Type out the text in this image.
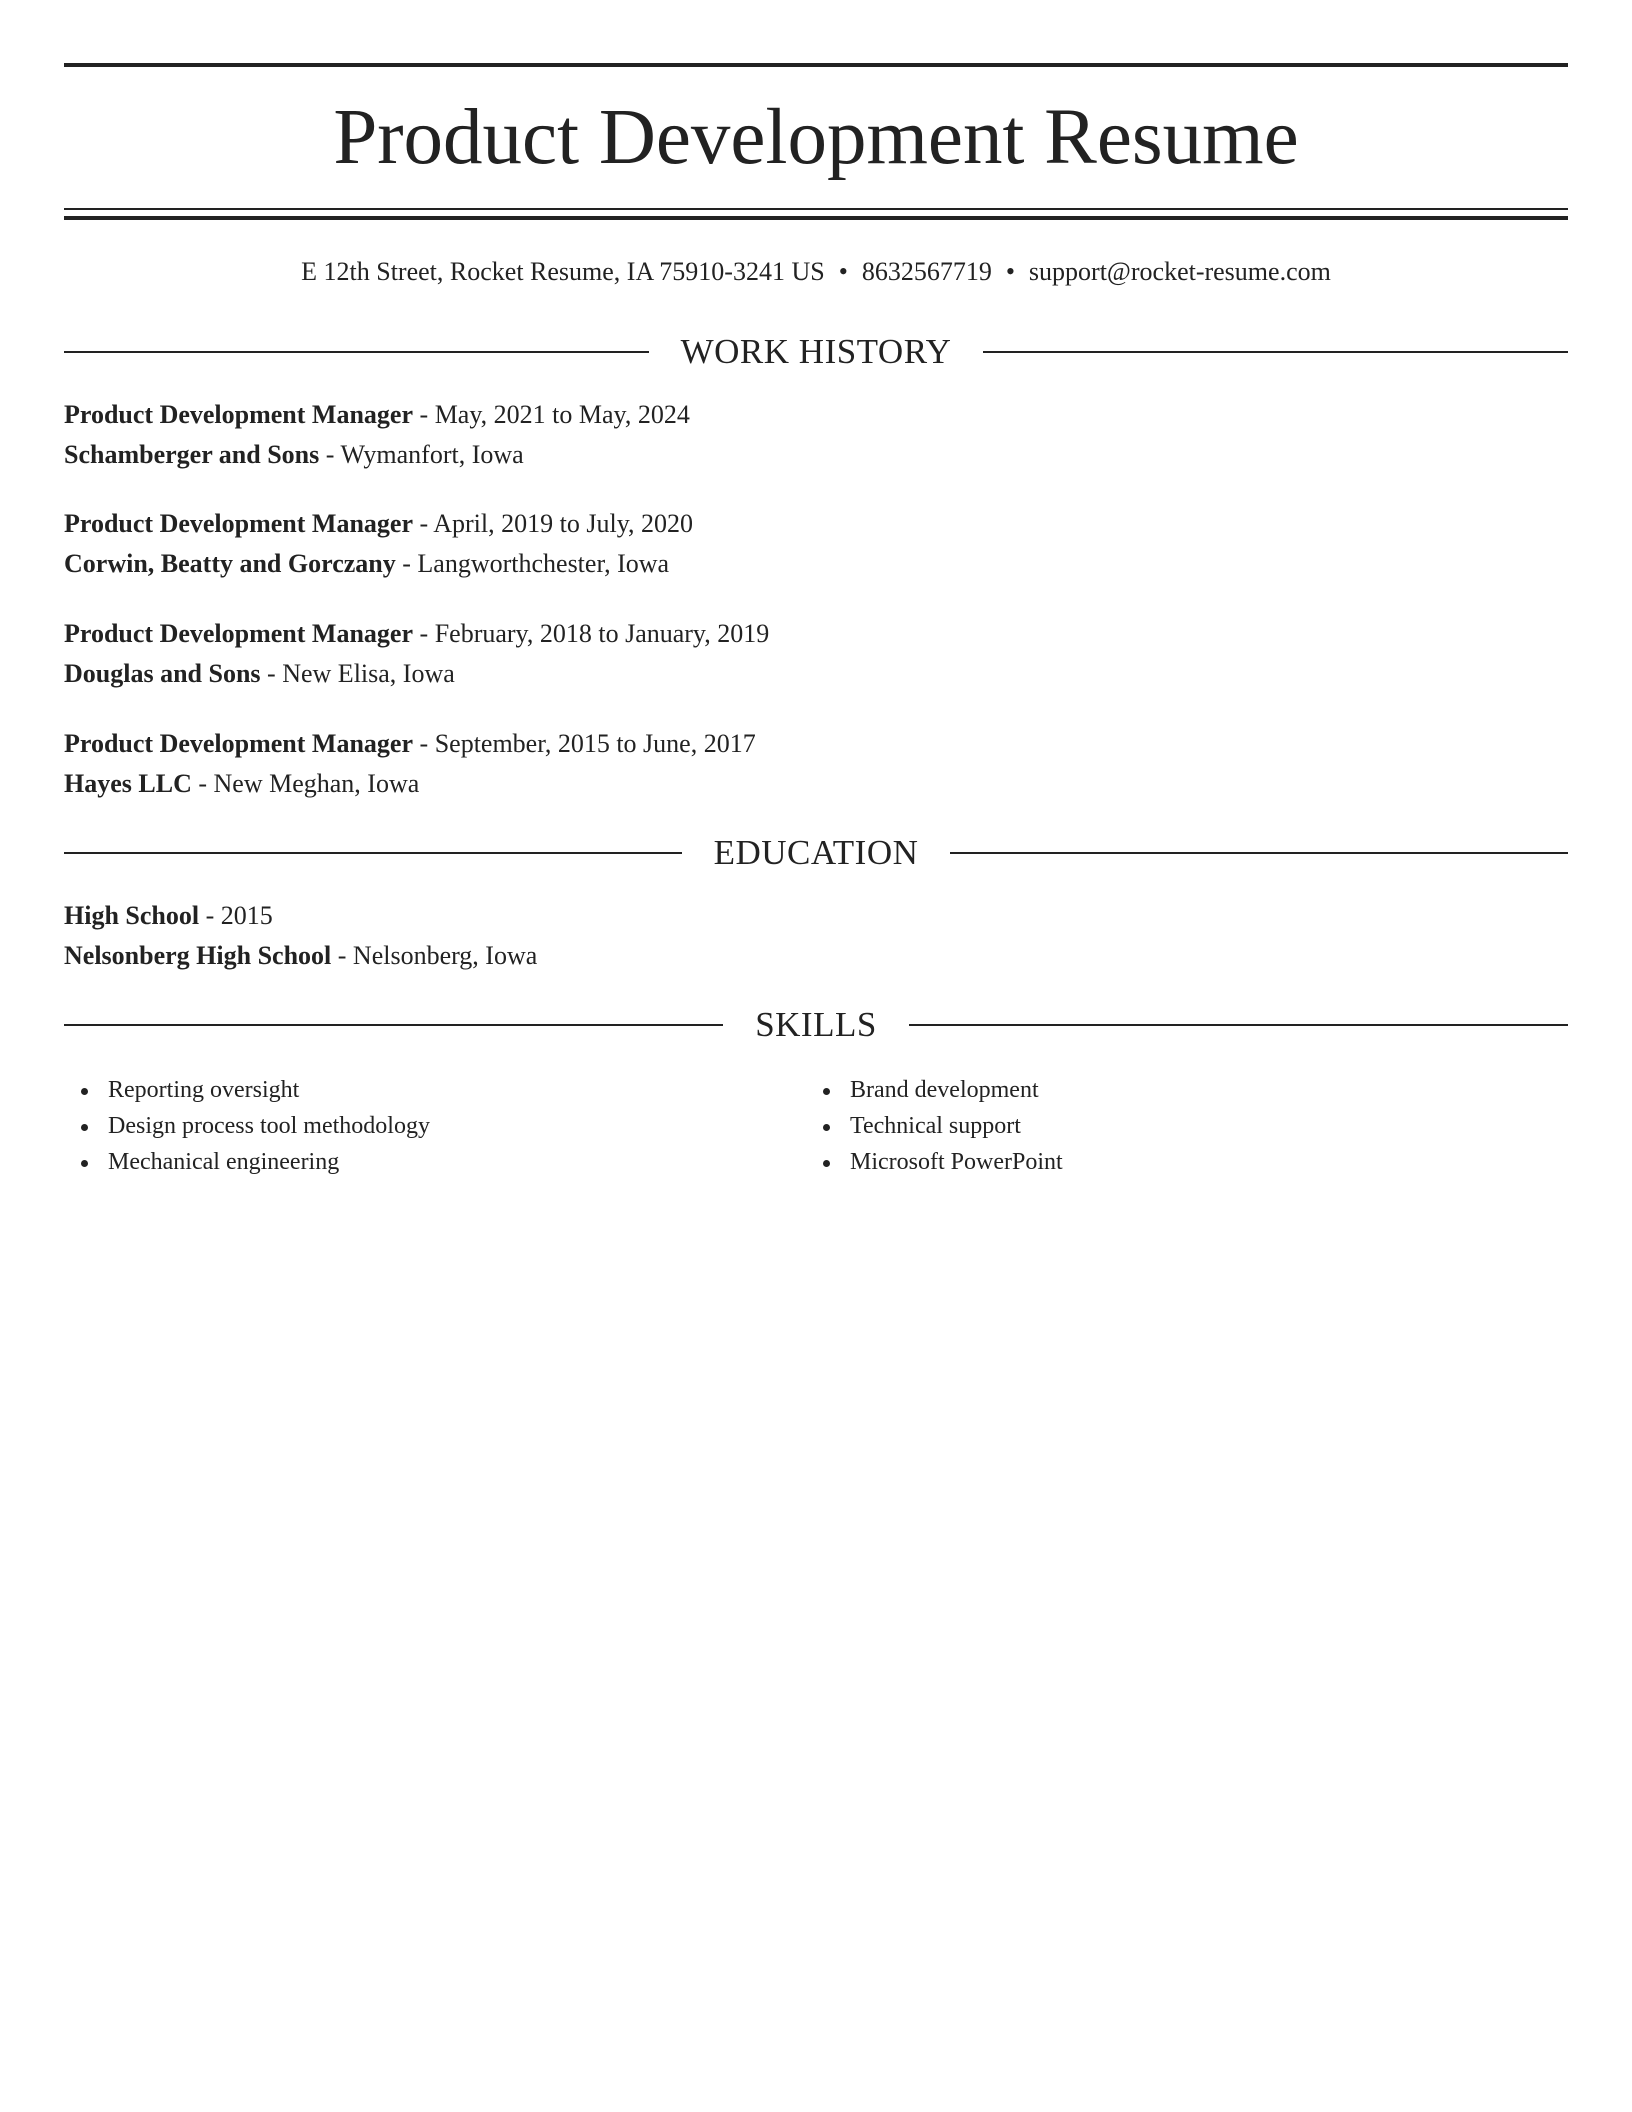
Product Development Resume
E 12th Street, Rocket Resume, IA 75910-3241 US • 8632567719 • support@rocket-resume.com
WORK HISTORY
Product Development Manager - May, 2021 to May, 2024
Schamberger and Sons - Wymanfort, Iowa
Product Development Manager - April, 2019 to July, 2020
Corwin, Beatty and Gorczany - Langworthchester, Iowa
Product Development Manager - February, 2018 to January, 2019
Douglas and Sons - New Elisa, Iowa
Product Development Manager - September, 2015 to June, 2017
Hayes LLC - New Meghan, Iowa
EDUCATION
High School - 2015
Nelsonberg High School - Nelsonberg, Iowa
SKILLS
Reporting oversight
Design process tool methodology
Mechanical engineering
Brand development
Technical support
Microsoft PowerPoint
